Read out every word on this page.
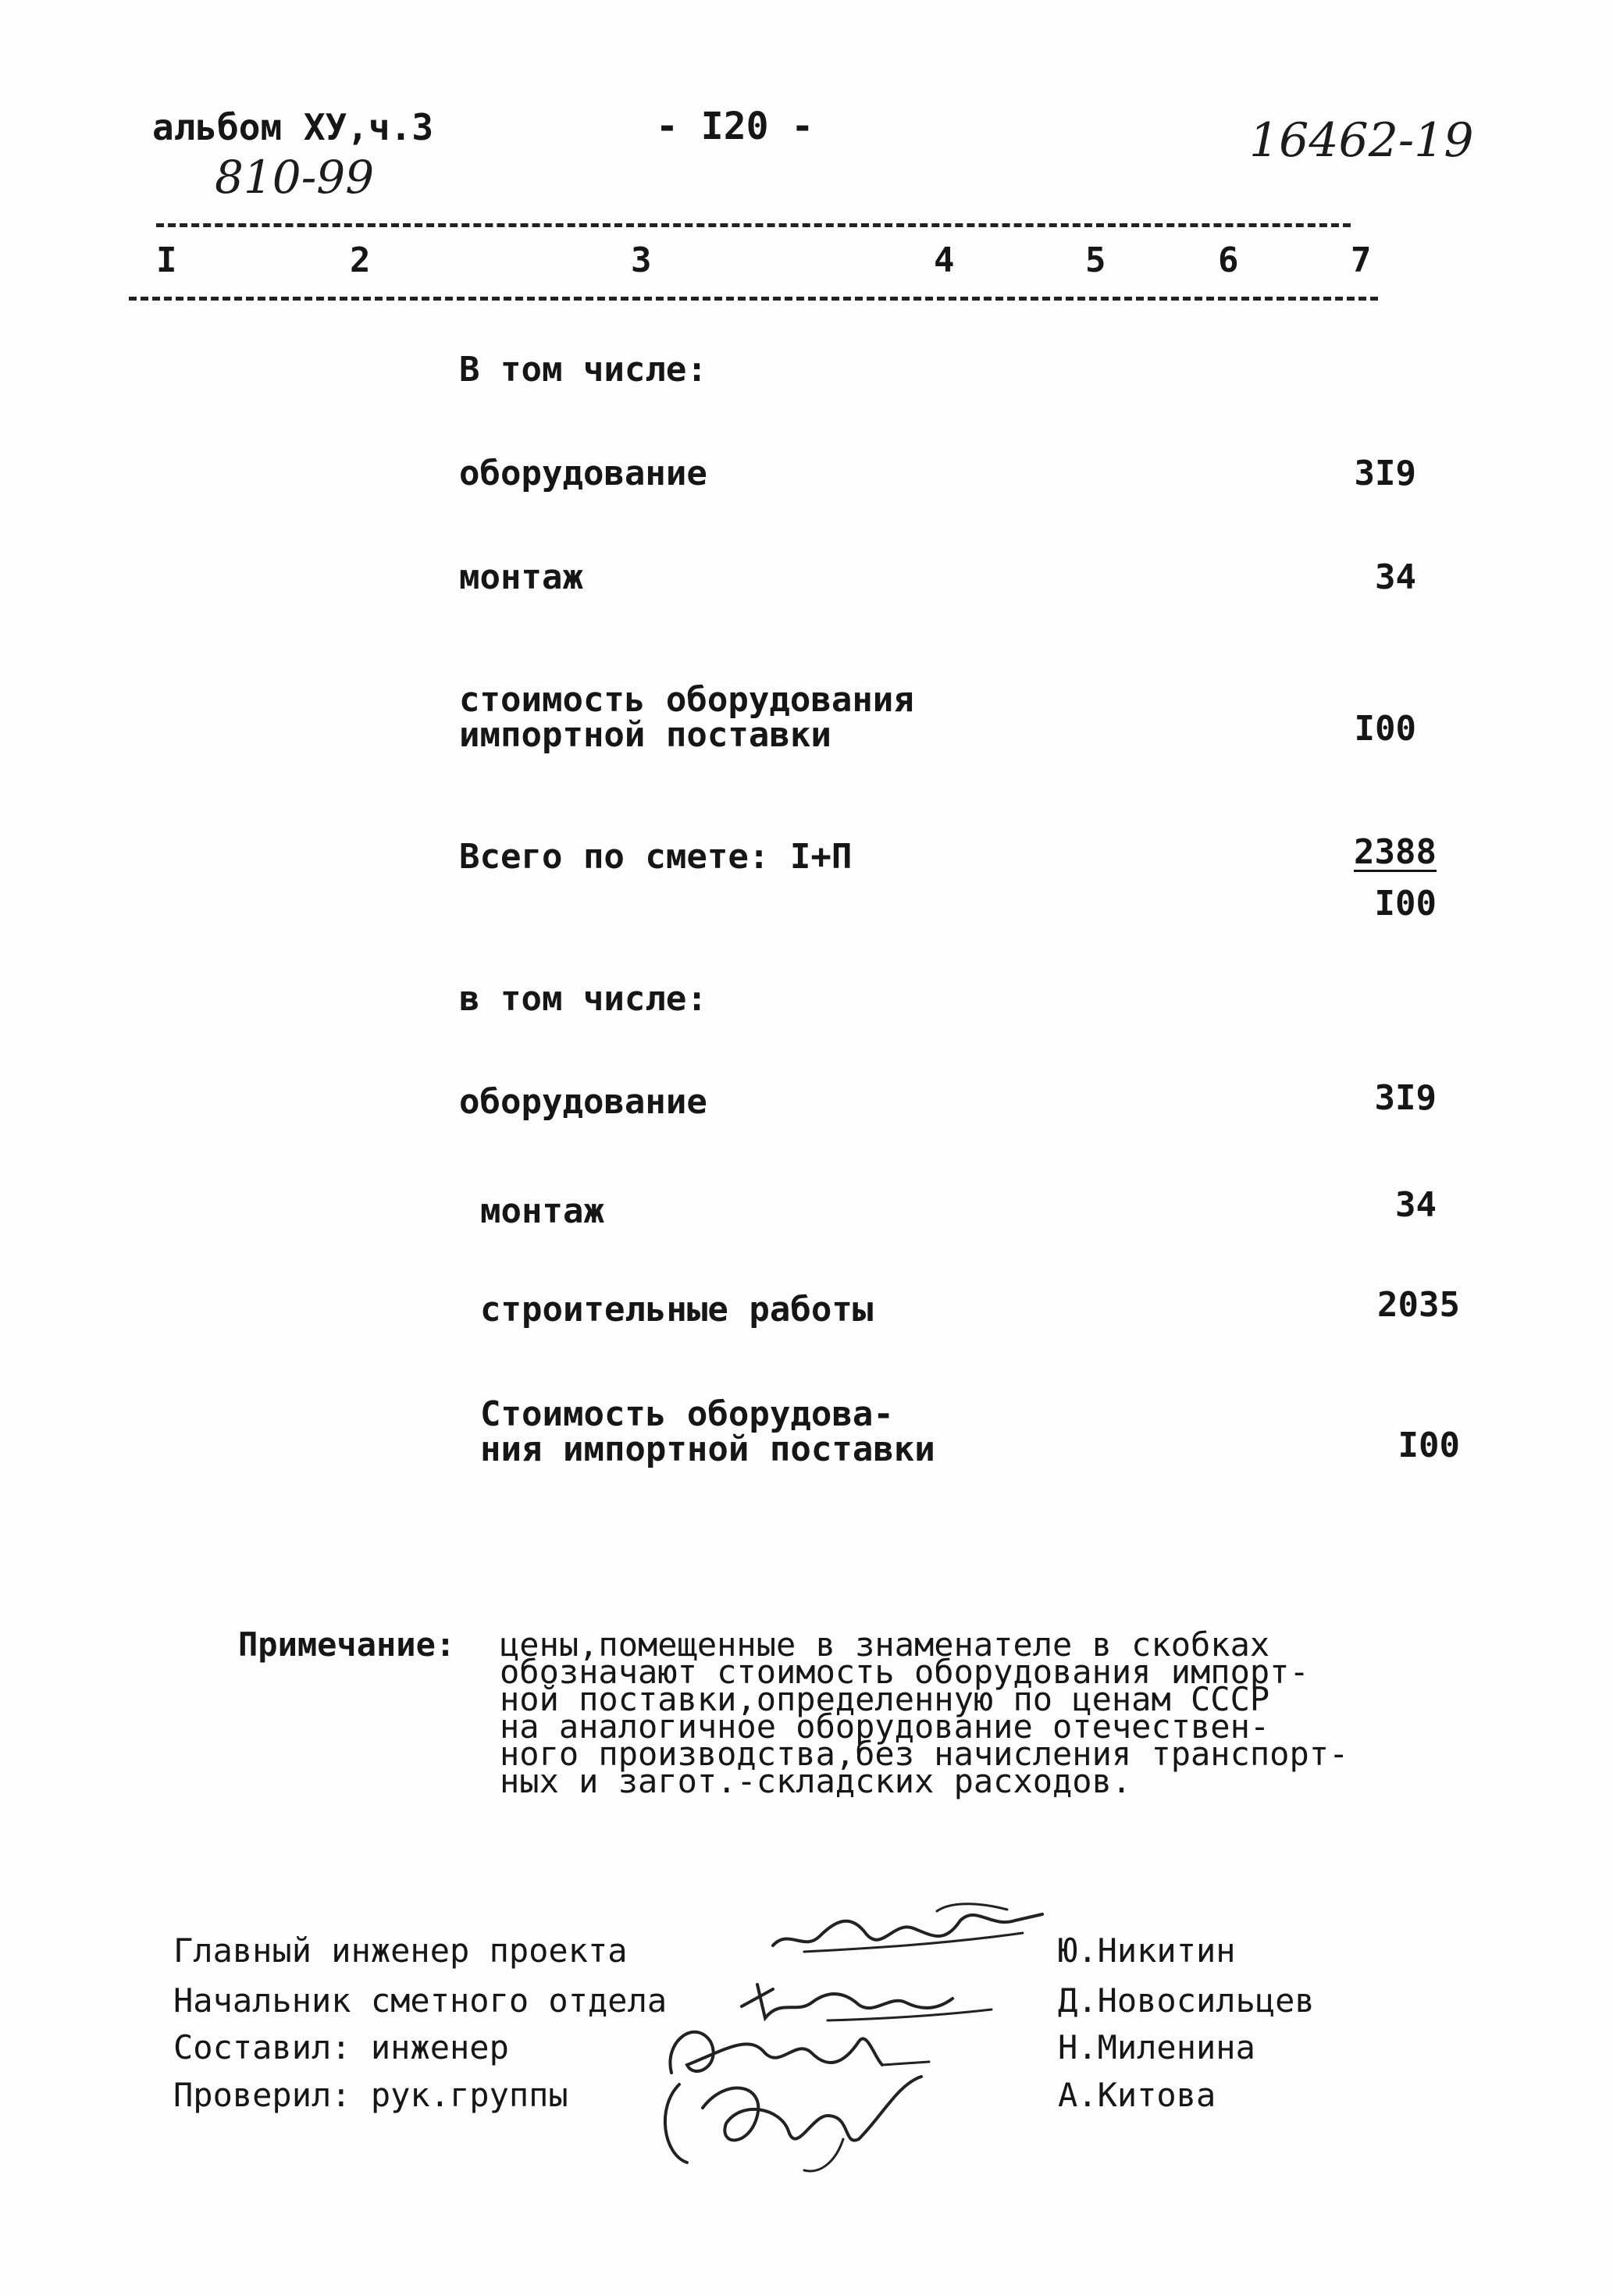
альбом ХУ,ч.3	- I20 -	16462-19
810-99
I	2	3	4	5	6	7
В том числе:
оборудование	3I9
монтаж	34
стоимость оборудования
импортной поставки	I00
Всего по смете: I+П	2388
I00
в том числе:
оборудование	3I9
монтаж	34
строительные работы	2035
Стоимость оборудова-
ния импортной поставки	I00
Примечание: цены,помещенные в знаменателе в скобках
обозначают стоимость оборудования импорт-
ной поставки,определенную по ценам СССР
на аналогичное оборудование отечествен-
ного производства,без начисления транспорт-
ных и загот.-складских расходов.
Главный инженер проекта	Ю.Никитин
Начальник сметного отдела	Д.Новосильцев
Составил: инженер	Н.Миленина
Проверил: рук.группы	А.Китова
